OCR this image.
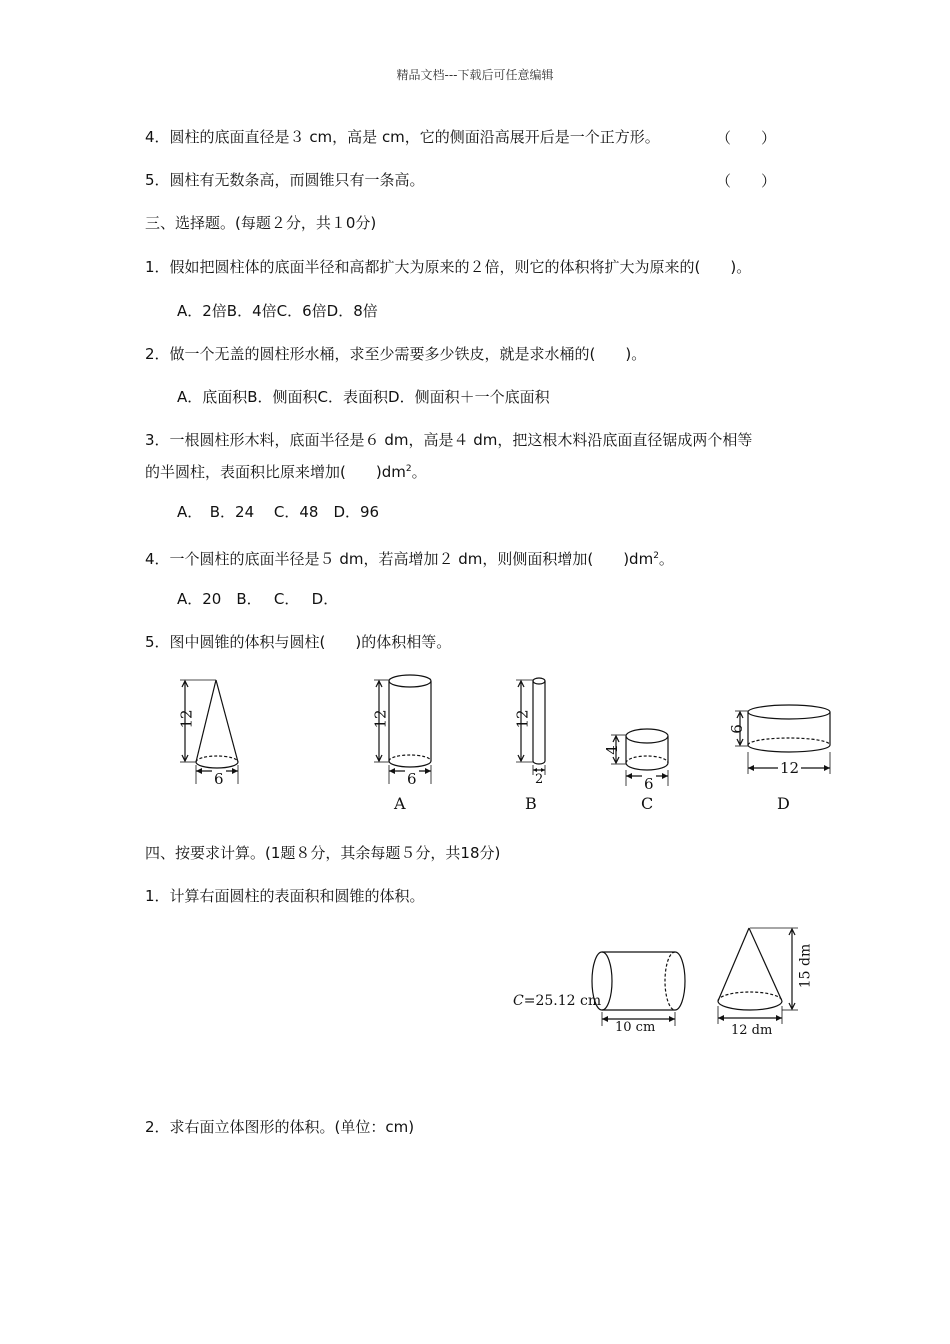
精品文档---下载后可任意编辑
4．圆柱的底面直径是３ cm，高是 cm，它的侧面沿高展开后是一个正方形。	（　　）
5．圆柱有无数条高，而圆锥只有一条高。	（　　）
三、选择题。(每题２分，共１0分)
1．假如把圆柱体的底面半径和高都扩大为原来的２倍，则它的体积将扩大为原来的(　　)。
A．2倍B．4倍C．6倍D．8倍
2．做一个无盖的圆柱形水桶，求至少需要多少铁皮，就是求水桶的(　　)。
A．底面积B．侧面积C．表面积D．侧面积＋一个底面积
3．一根圆柱形木料，底面半径是６ dm，高是４ dm，把这根木料沿底面直径锯成两个相等
的半圆柱，表面积比原来增加(　　)$dm^2$。
A．　B．24　 C．48　D．96
4．一个圆柱的底面半径是５ dm，若高增加２ dm，则侧面积增加(　　)$dm^2$。
A．20　B．　 C．　 D．
5．图中圆锥的体积与圆柱(　　)的体积相等。
12
6
12
6
A
12
2
B
4
6
C
6
12
D
四、按要求计算。(1题８分，其余每题５分，共18分)
1．计算右面圆柱的表面积和圆锥的体积。
C=25.12 cm
10 cm
15 dm
12 dm
2．求右面立体图形的体积。(单位：cm)
